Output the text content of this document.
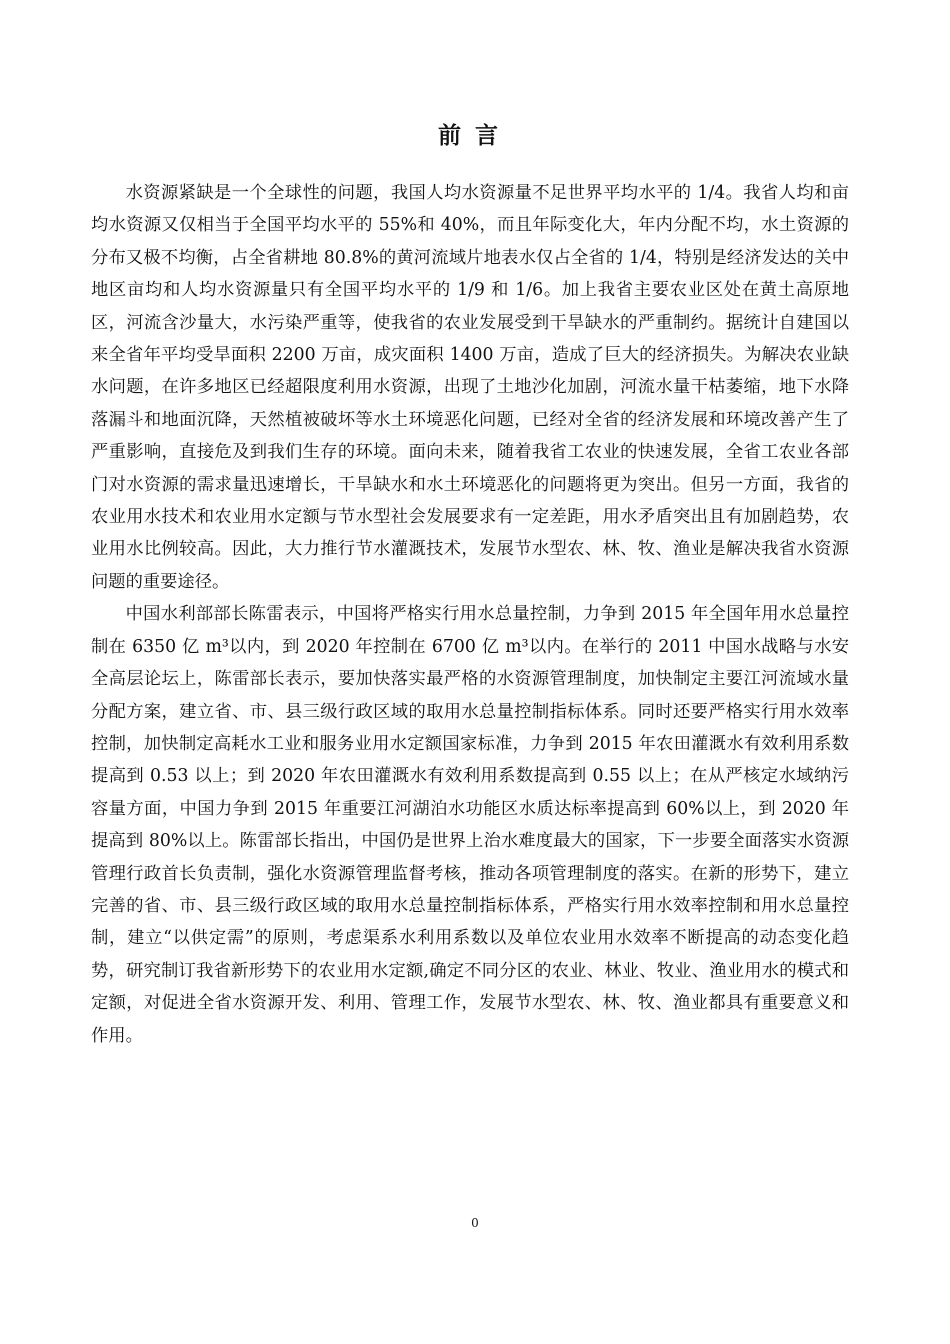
前言

水资源紧缺是一个全球性的问题，我国人均水资源量不足世界平均水平的 1/4。我省人均和亩均水资源又仅相当于全国平均水平的 55%和 40%，而且年际变化大，年内分配不均，水土资源的分布又极不均衡，占全省耕地 80.8%的黄河流域片地表水仅占全省的 1/4，特别是经济发达的关中地区亩均和人均水资源量只有全国平均水平的 1/9 和 1/6。加上我省主要农业区处在黄土高原地区，河流含沙量大，水污染严重等，使我省的农业发展受到干旱缺水的严重制约。据统计自建国以来全省年平均受旱面积 2200 万亩，成灾面积 1400 万亩，造成了巨大的经济损失。为解决农业缺水问题，在许多地区已经超限度利用水资源，出现了土地沙化加剧，河流水量干枯萎缩，地下水降落漏斗和地面沉降，天然植被破坏等水土环境恶化问题，已经对全省的经济发展和环境改善产生了严重影响，直接危及到我们生存的环境。面向未来，随着我省工农业的快速发展，全省工农业各部门对水资源的需求量迅速增长，干旱缺水和水土环境恶化的问题将更为突出。但另一方面，我省的农业用水技术和农业用水定额与节水型社会发展要求有一定差距，用水矛盾突出且有加剧趋势，农业用水比例较高。因此，大力推行节水灌溉技术，发展节水型农、林、牧、渔业是解决我省水资源问题的重要途径。

中国水利部部长陈雷表示，中国将严格实行用水总量控制，力争到 2015 年全国年用水总量控制在 6350 亿 m³以内，到 2020 年控制在 6700 亿 m³以内。在举行的 2011 中国水战略与水安全高层论坛上，陈雷部长表示，要加快落实最严格的水资源管理制度，加快制定主要江河流域水量分配方案，建立省、市、县三级行政区域的取用水总量控制指标体系。同时还要严格实行用水效率控制，加快制定高耗水工业和服务业用水定额国家标准，力争到 2015 年农田灌溉水有效利用系数提高到 0.53 以上；到 2020 年农田灌溉水有效利用系数提高到 0.55 以上；在从严核定水域纳污容量方面，中国力争到 2015 年重要江河湖泊水功能区水质达标率提高到 60%以上，到 2020 年提高到 80%以上。陈雷部长指出，中国仍是世界上治水难度最大的国家，下一步要全面落实水资源管理行政首长负责制，强化水资源管理监督考核，推动各项管理制度的落实。在新的形势下，建立完善的省、市、县三级行政区域的取用水总量控制指标体系，严格实行用水效率控制和用水总量控制，建立“以供定需”的原则，考虑渠系水利用系数以及单位农业用水效率不断提高的动态变化趋势，研究制订我省新形势下的农业用水定额,确定不同分区的农业、林业、牧业、渔业用水的模式和定额，对促进全省水资源开发、利用、管理工作，发展节水型农、林、牧、渔业都具有重要意义和作用。

0
